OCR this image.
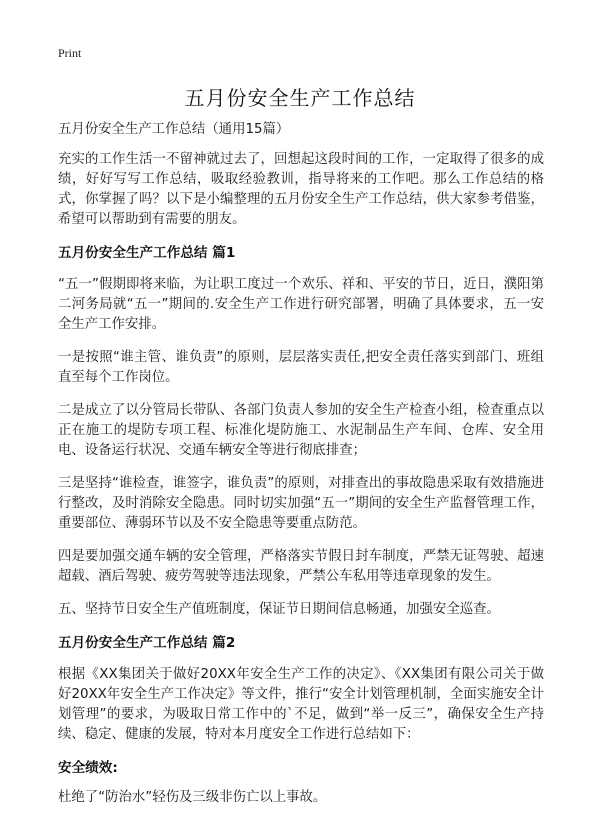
Print
五月份安全生产工作总结

五月份安全生产工作总结（通用15篇）

充实的工作生活一不留神就过去了，回想起这段时间的工作，一定取得了很多的成绩，好好写写工作总结，吸取经验教训，指导将来的工作吧。那么工作总结的格式，你掌握了吗？以下是小编整理的五月份安全生产工作总结，供大家参考借鉴，希望可以帮助到有需要的朋友。

五月份安全生产工作总结 篇1

“五一”假期即将来临，为让职工度过一个欢乐、祥和、平安的节日，近日，濮阳第二河务局就“五一”期间的.安全生产工作进行研究部署，明确了具体要求，五一安全生产工作安排。

一是按照“谁主管、谁负责”的原则，层层落实责任,把安全责任落实到部门、班组直至每个工作岗位。

二是成立了以分管局长带队、各部门负责人参加的安全生产检查小组，检查重点以正在施工的堤防专项工程、标准化堤防施工、水泥制品生产车间、仓库、安全用电、设备运行状况、交通车辆安全等进行彻底排查；

三是坚持“谁检查，谁签字，谁负责”的原则，对排查出的事故隐患采取有效措施进行整改，及时消除安全隐患。同时切实加强“五一”期间的安全生产监督管理工作，重要部位、薄弱环节以及不安全隐患等要重点防范。

四是要加强交通车辆的安全管理，严格落实节假日封车制度，严禁无证驾驶、超速超载、酒后驾驶、疲劳驾驶等违法现象，严禁公车私用等违章现象的发生。

五、坚持节日安全生产值班制度，保证节日期间信息畅通，加强安全巡查。

五月份安全生产工作总结 篇2

根据《XX集团关于做好20XX年安全生产工作的决定》、《XX集团有限公司关于做好20XX年安全生产工作决定》等文件，推行“安全计划管理机制，全面实施安全计划管理”的要求，为吸取日常工作中的`不足，做到“举一反三”，确保安全生产持续、稳定、健康的发展，特对本月度安全工作进行总结如下：

安全绩效:

杜绝了“防治水”轻伤及三级非伤亡以上事故。
